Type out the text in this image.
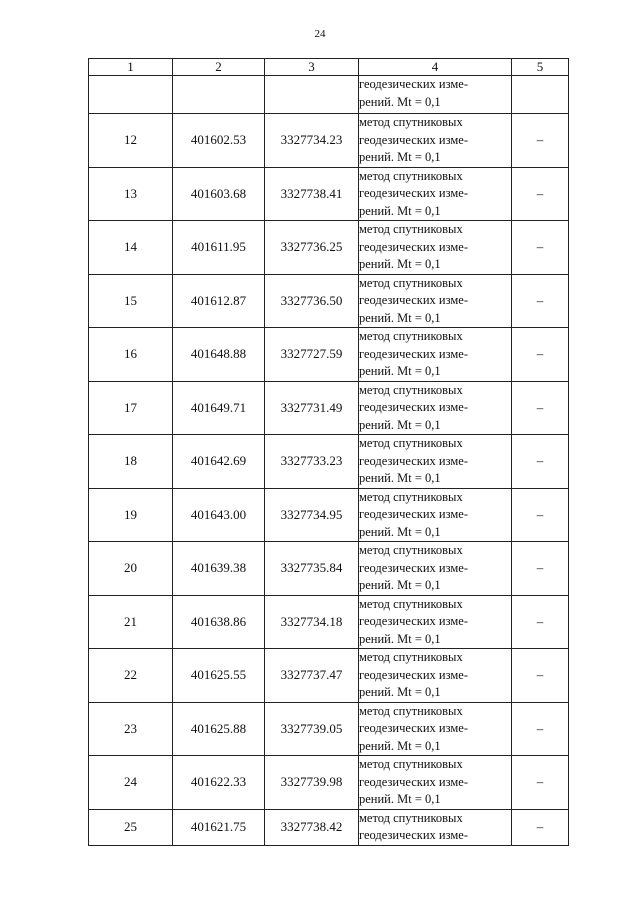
24
1	2	3	4	5

			геодезических изме-
рений. Mt = 0,1	

12	401602.53	3327734.23	метод спутниковых
геодезических изме-
рений. Mt = 0,1	–
13	401603.68	3327738.41	метод спутниковых
геодезических изме-
рений. Mt = 0,1	–
14	401611.95	3327736.25	метод спутниковых
геодезических изме-
рений. Mt = 0,1	–
15	401612.87	3327736.50	метод спутниковых
геодезических изме-
рений. Mt = 0,1	–
16	401648.88	3327727.59	метод спутниковых
геодезических изме-
рений. Mt = 0,1	–
17	401649.71	3327731.49	метод спутниковых
геодезических изме-
рений. Mt = 0,1	–
18	401642.69	3327733.23	метод спутниковых
геодезических изме-
рений. Mt = 0,1	–
19	401643.00	3327734.95	метод спутниковых
геодезических изме-
рений. Mt = 0,1	–
20	401639.38	3327735.84	метод спутниковых
геодезических изме-
рений. Mt = 0,1	–
21	401638.86	3327734.18	метод спутниковых
геодезических изме-
рений. Mt = 0,1	–
22	401625.55	3327737.47	метод спутниковых
геодезических изме-
рений. Mt = 0,1	–
23	401625.88	3327739.05	метод спутниковых
геодезических изме-
рений. Mt = 0,1	–
24	401622.33	3327739.98	метод спутниковых
геодезических изме-
рений. Mt = 0,1	–
25	401621.75	3327738.42	метод спутниковых
геодезических изме-	–
